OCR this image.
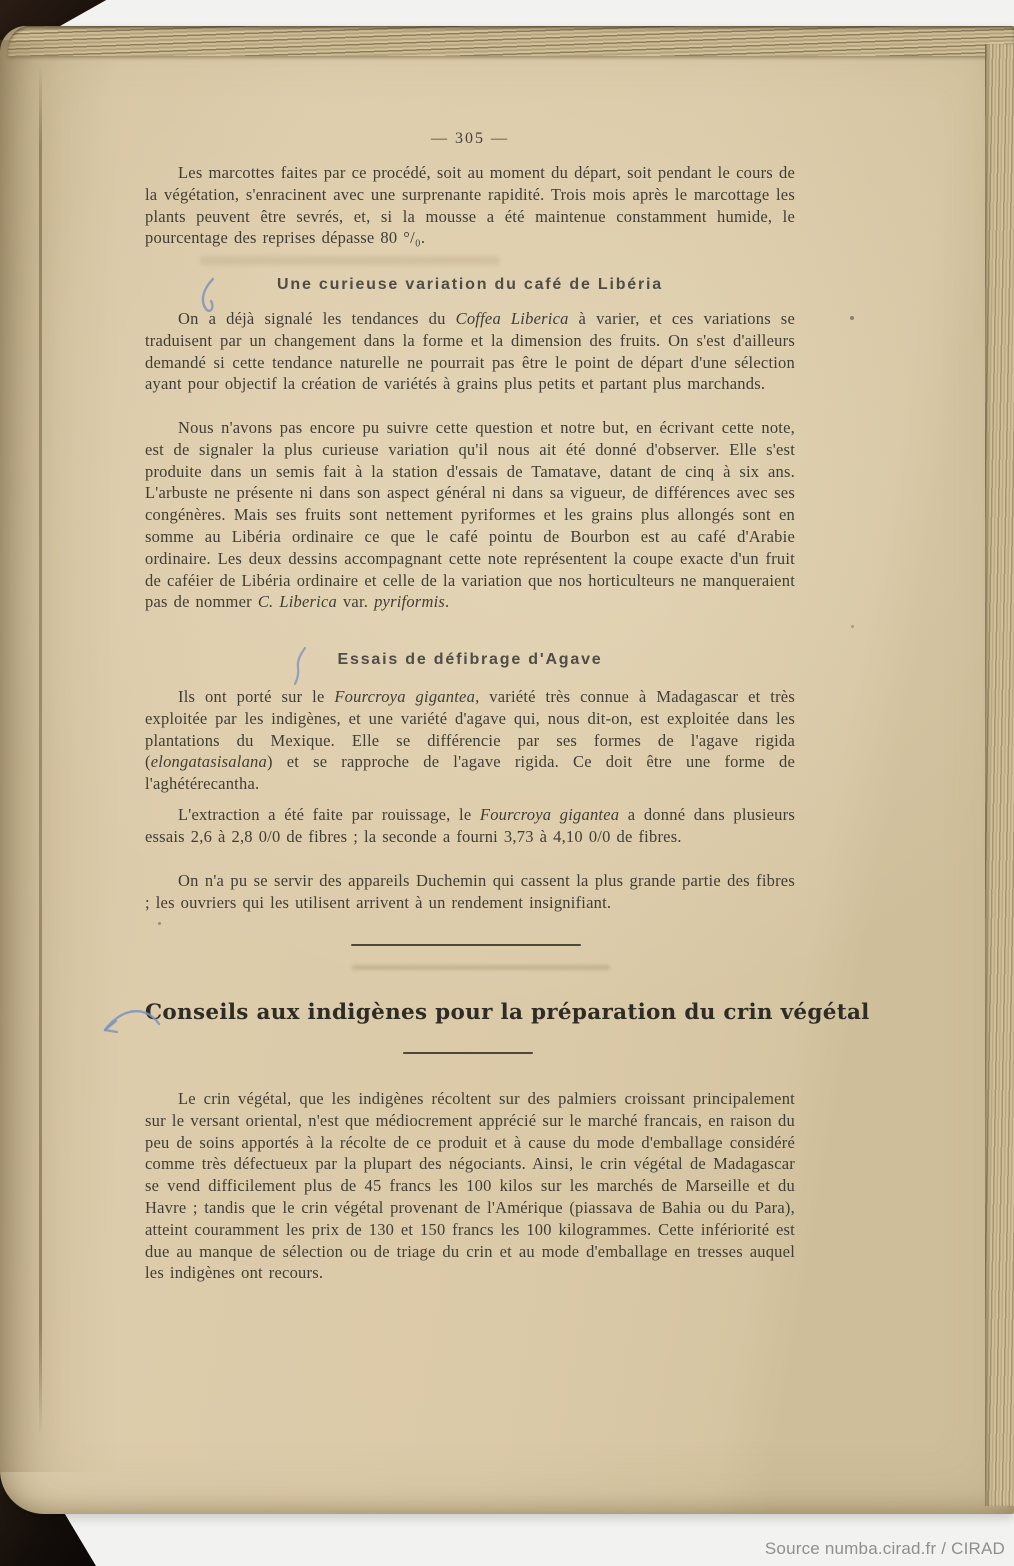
— 305 —

Les marcottes faites par ce procédé, soit au moment du départ, soit pendant le cours de la végétation, s'enracinent avec une surprenante rapidité. Trois mois après le marcottage les plants peuvent être sevrés, et, si la mousse a été maintenue constamment humide, le pourcentage des reprises dépasse 80 °/₀.

Une curieuse variation du café de Libéria

On a déjà signalé les tendances du Coffea Liberica à varier, et ces variations se traduisent par un changement dans la forme et la dimension des fruits. On s'est d'ailleurs demandé si cette tendance naturelle ne pourrait pas être le point de départ d'une sélection ayant pour objectif la création de variétés à grains plus petits et partant plus marchands.

Nous n'avons pas encore pu suivre cette question et notre but, en écrivant cette note, est de signaler la plus curieuse variation qu'il nous ait été donné d'observer. Elle s'est produite dans un semis fait à la station d'essais de Tamatave, datant de cinq à six ans. L'arbuste ne présente ni dans son aspect général ni dans sa vigueur, de différences avec ses congénères. Mais ses fruits sont nettement pyriformes et les grains plus allongés sont en somme au Libéria ordinaire ce que le café pointu de Bourbon est au café d'Arabie ordinaire. Les deux dessins accompagnant cette note représentent la coupe exacte d'un fruit de caféier de Libéria ordinaire et celle de la variation que nos horticulteurs ne manqueraient pas de nommer C. Liberica var. pyriformis.

Essais de défibrage d'Agave

Ils ont porté sur le Fourcroya gigantea, variété très connue à Madagascar et très exploitée par les indigènes, et une variété d'agave qui, nous dit-on, est exploitée dans les plantations du Mexique. Elle se différencie par ses formes de l'agave rigida (elongatasisalana) et se rapproche de l'agave rigida. Ce doit être une forme de l'aghétérecantha.

L'extraction a été faite par rouissage, le Fourcroya gigantea a donné dans plusieurs essais 2,6 à 2,8 0/0 de fibres ; la seconde a fourni 3,73 à 4,10 0/0 de fibres.

On n'a pu se servir des appareils Duchemin qui cassent la plus grande partie des fibres ; les ouvriers qui les utilisent arrivent à un rendement insignifiant.

Conseils aux indigènes pour la préparation du crin végétal

Le crin végétal, que les indigènes récoltent sur des palmiers croissant principalement sur le versant oriental, n'est que médiocrement apprécié sur le marché francais, en raison du peu de soins apportés à la récolte de ce produit et à cause du mode d'emballage considéré comme très défectueux par la plupart des négociants. Ainsi, le crin végétal de Madagascar se vend difficilement plus de 45 francs les 100 kilos sur les marchés de Marseille et du Havre ; tandis que le crin végétal provenant de l'Amérique (piassava de Bahia ou du Para), atteint couramment les prix de 130 et 150 francs les 100 kilogrammes. Cette infériorité est due au manque de sélection ou de triage du crin et au mode d'emballage en tresses auquel les indigènes ont recours.

Source numba.cirad.fr / CIRAD
